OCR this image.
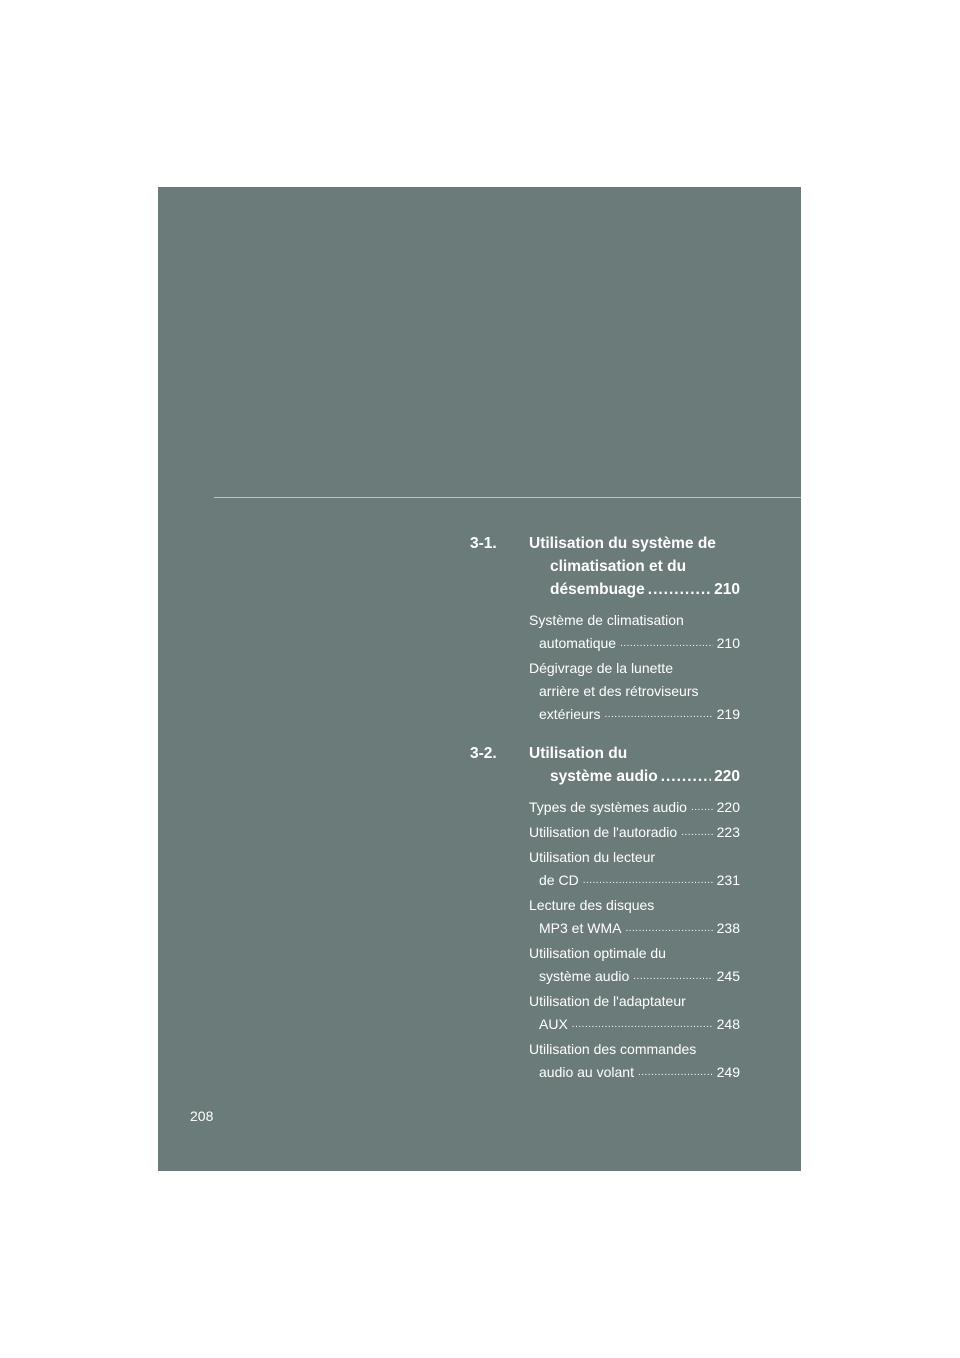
3-1.	Utilisation du système de
climatisation et du
désembuage .....	210
Système de climatisation
automatique .....	210
Dégivrage de la lunette
arrière et des rétroviseurs
extérieurs .....	219
3-2.	Utilisation du
système audio .....	220
Types de systèmes audio ..... 220
Utilisation de l'autoradio .....	223
Utilisation du lecteur
de CD .....	231
Lecture des disques
MP3 et WMA .....	238
Utilisation optimale du
système audio .....	245
Utilisation de l'adaptateur
AUX .....	248
Utilisation des commandes
audio au volant .....	249
208
